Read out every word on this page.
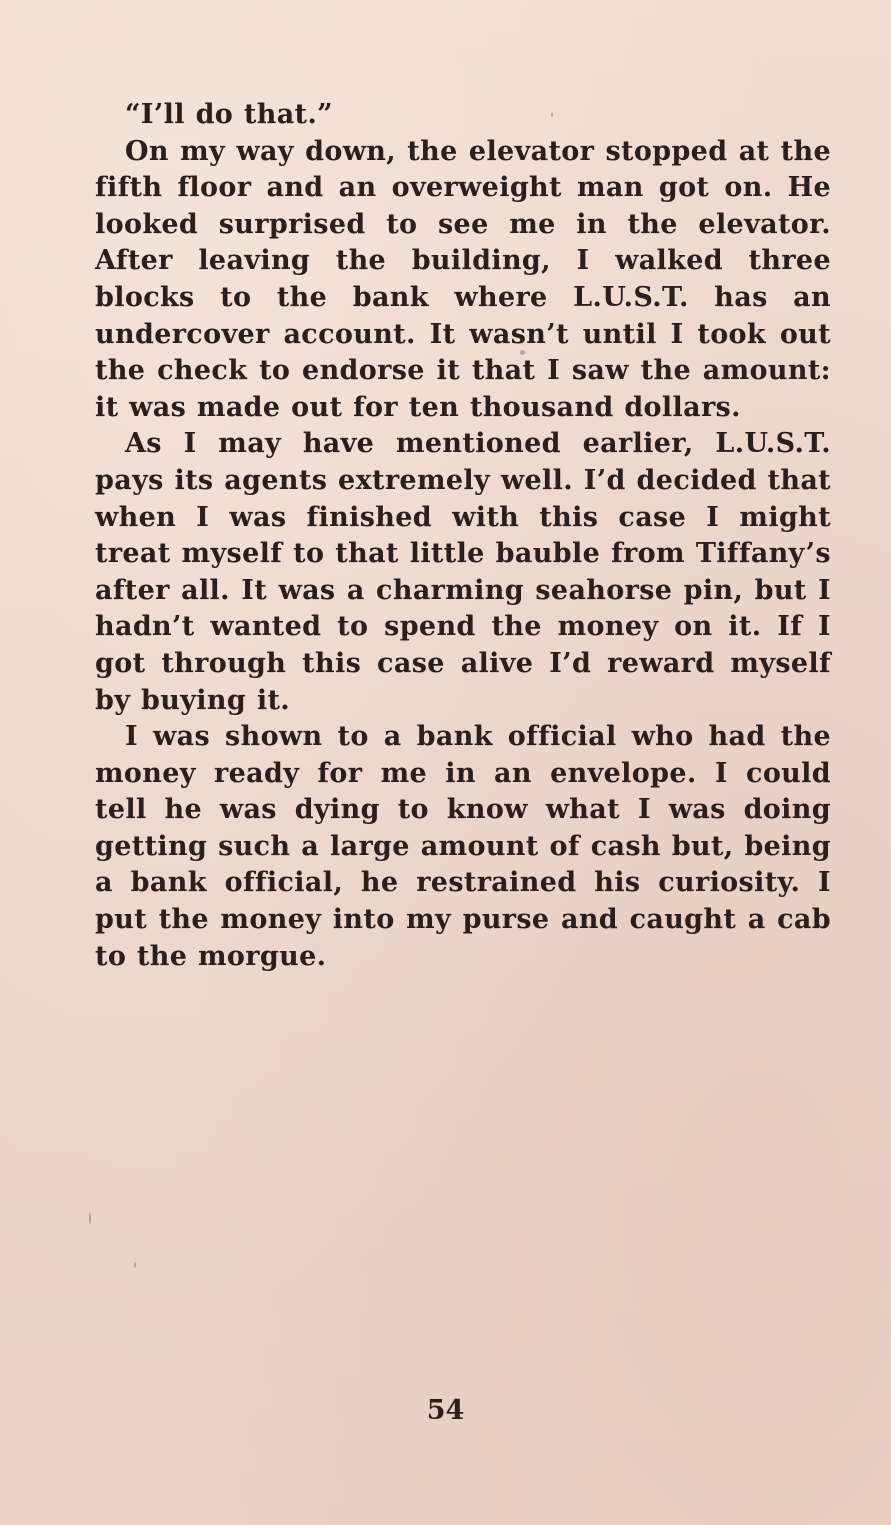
“I’ll do that.”

On my way down, the elevator stopped at the fifth floor and an overweight man got on. He looked surprised to see me in the elevator. After leaving the building, I walked three blocks to the bank where L.U.S.T. has an undercover account. It wasn’t until I took out the check to endorse it that I saw the amount: it was made out for ten thousand dollars.

As I may have mentioned earlier, L.U.S.T. pays its agents extremely well. I’d decided that when I was finished with this case I might treat myself to that little bauble from Tiffany’s after all. It was a charming seahorse pin, but I hadn’t wanted to spend the money on it. If I got through this case alive I’d reward myself by buying it.

I was shown to a bank official who had the money ready for me in an envelope. I could tell he was dying to know what I was doing getting such a large amount of cash but, being a bank official, he restrained his curiosity. I put the money into my purse and caught a cab to the morgue.

54
